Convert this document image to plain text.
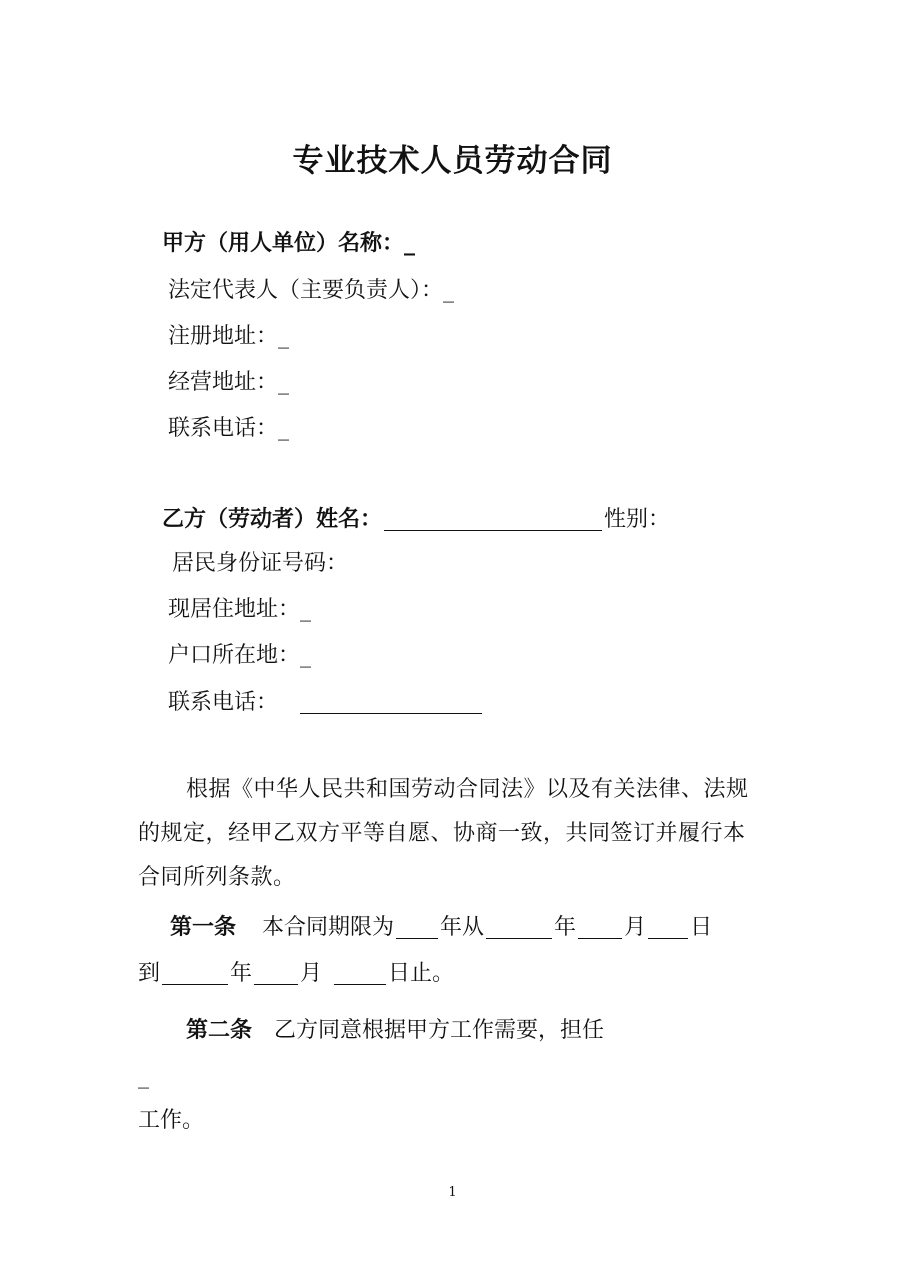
专业技术人员劳动合同
甲方（用人单位）名称：_
法定代表人（主要负责人）：_
注册地址：_
经营地址：_
联系电话：_
乙方（劳动者）姓名：	性别：
居民身份证号码：
现居住地址：_
户口所在地：_
联系电话：
根据《中华人民共和国劳动合同法》以及有关法律、法规
的规定，经甲乙双方平等自愿、协商一致，共同签订并履行本
合同所列条款。
第一条 本合同期限为 年从	年 月 日
到	年 月	日止。
第二条 乙方同意根据甲方工作需要，担任
_
工作。
1
